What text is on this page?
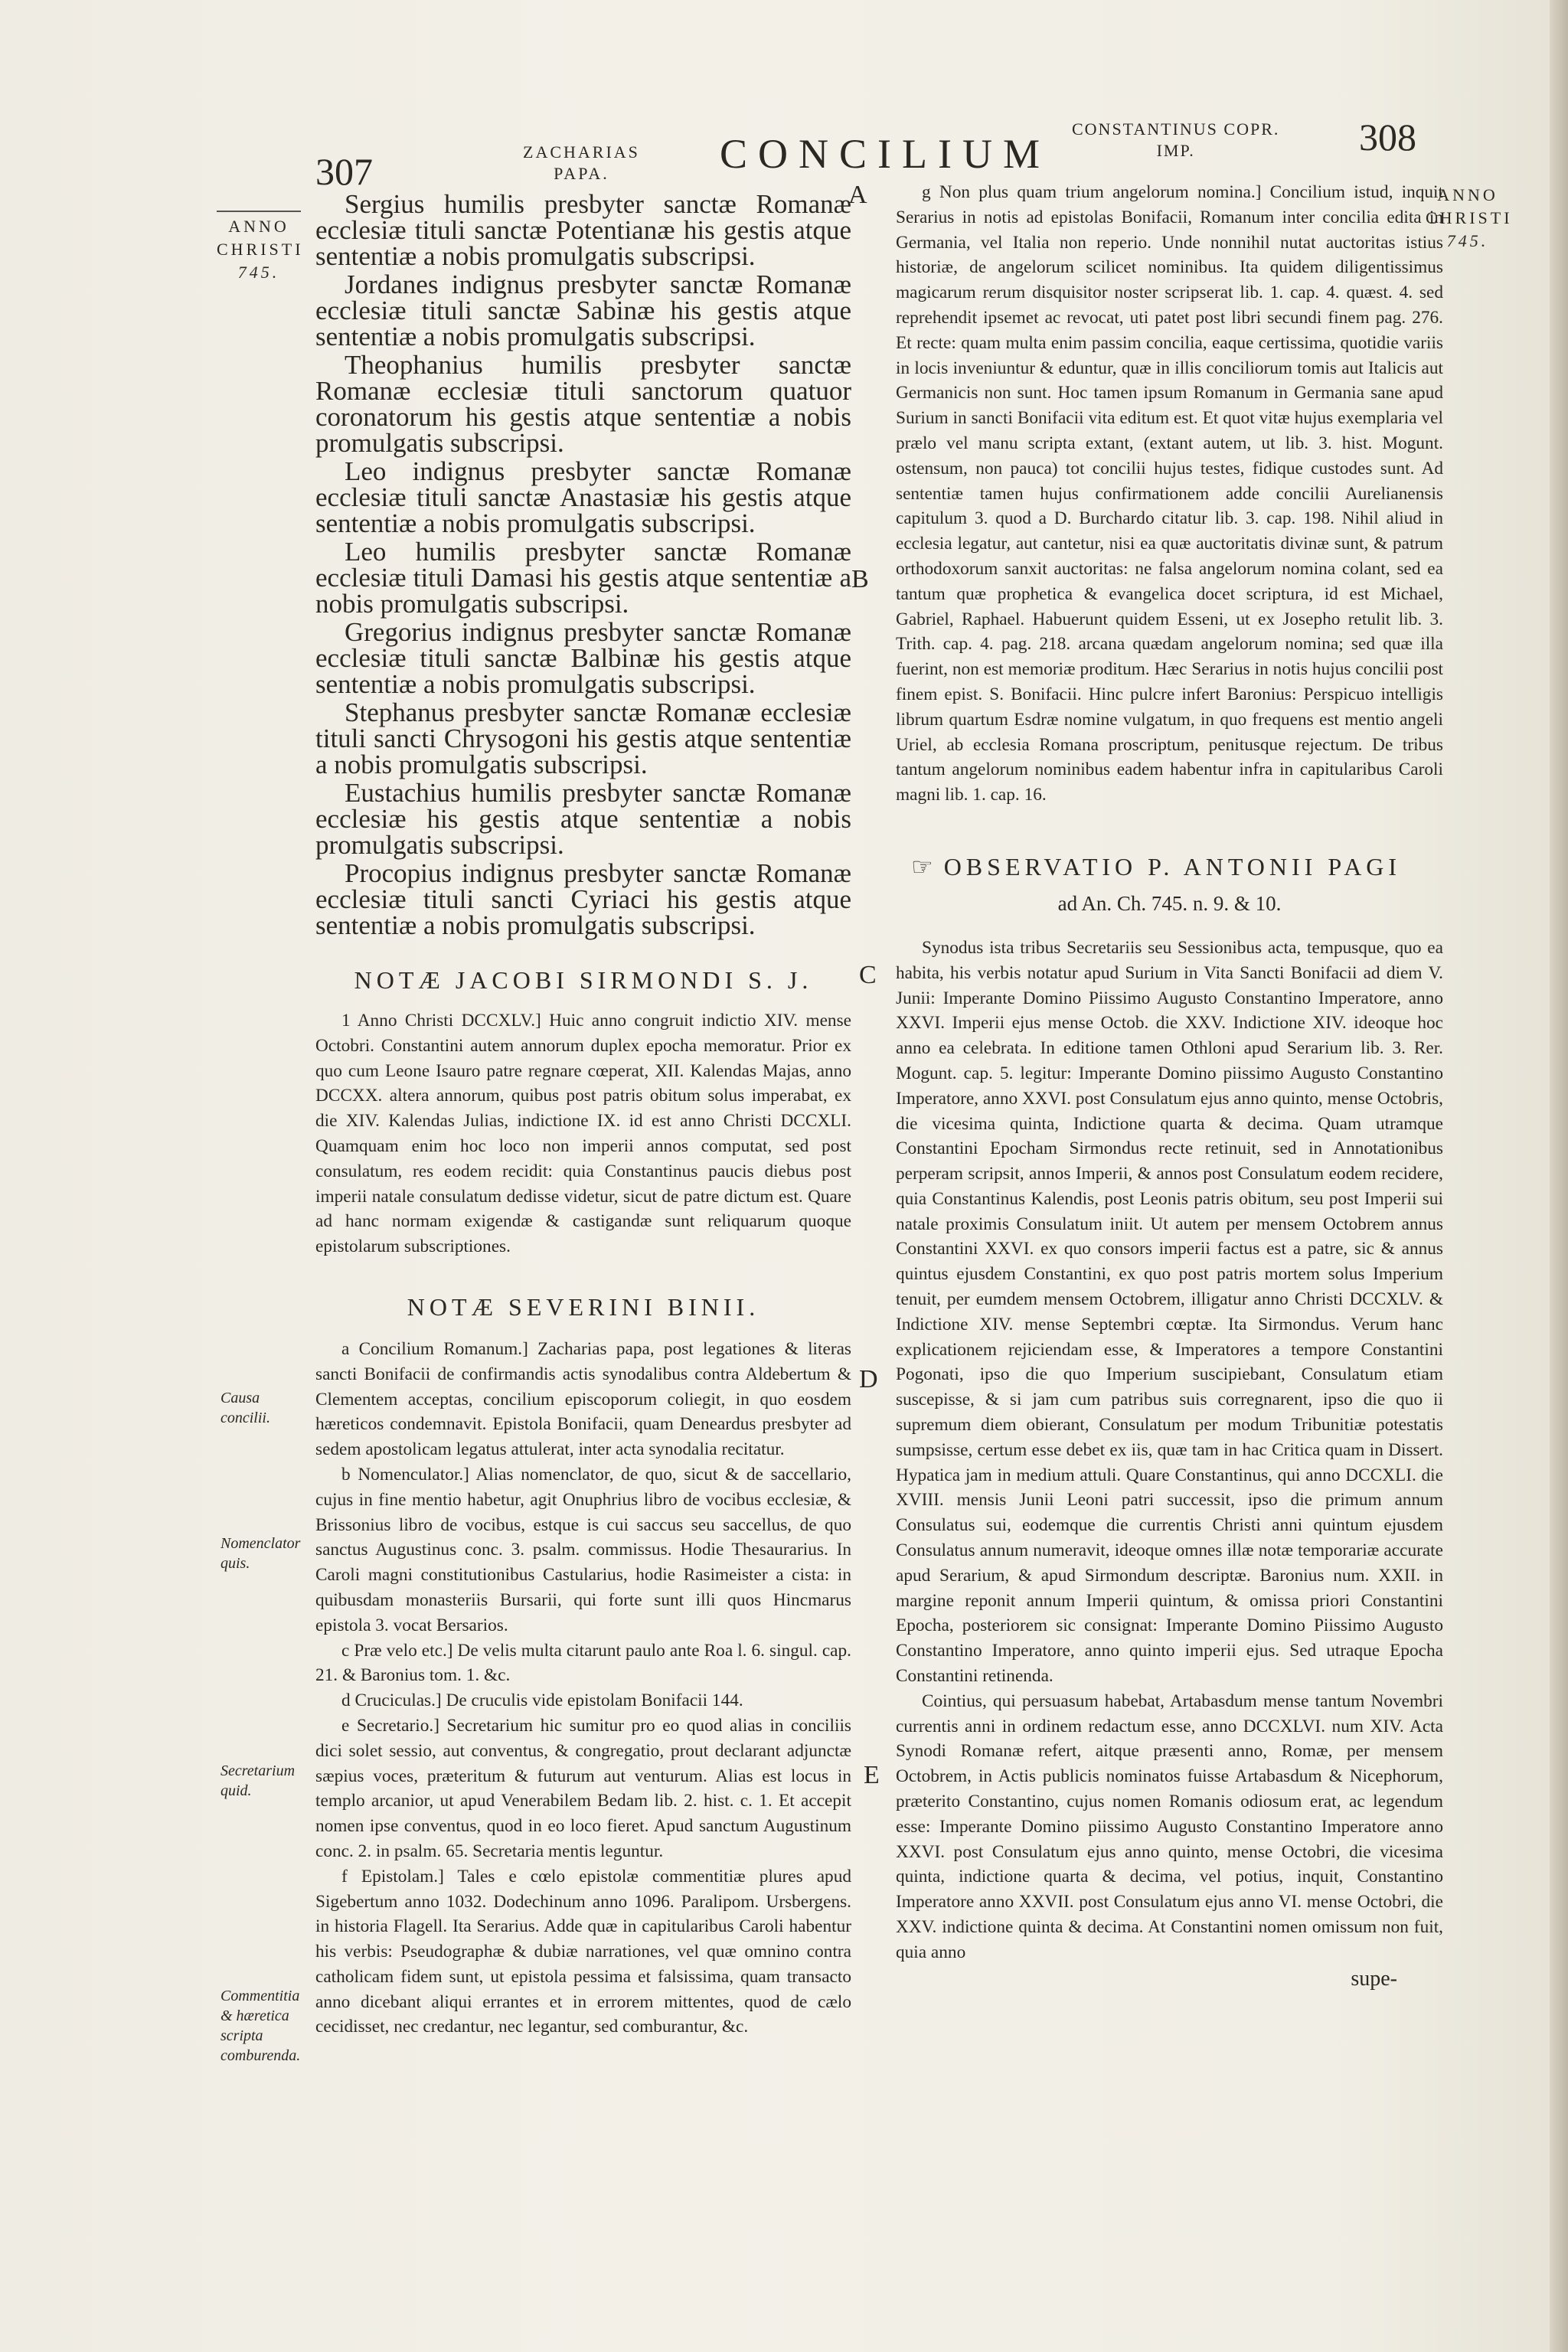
307	ZACHARIAS
PAPA.	CONCILIUM
CONSTANTINUS COPR.
IMP.	308
ANNO
CHRISTI
745.
ANNO
CHRISTI
745.
A
B
C
D
E
Causa concilii.
Nomenclator quis.
Secretarium quid.
Commentitia & hæretica scripta comburenda.

Sergius humilis presbyter sanctæ Romanæ ecclesiæ tituli sanctæ Potentianæ his gestis atque sententiæ a nobis promulgatis subscripsi.

Jordanes indignus presbyter sanctæ Romanæ ecclesiæ tituli sanctæ Sabinæ his gestis atque sententiæ a nobis promulgatis subscripsi.

Theophanius humilis presbyter sanctæ Romanæ ecclesiæ tituli sanctorum quatuor coronatorum his gestis atque sententiæ a nobis promulgatis subscripsi.

Leo indignus presbyter sanctæ Romanæ ecclesiæ tituli sanctæ Anastasiæ his gestis atque sententiæ a nobis promulgatis subscripsi.

Leo humilis presbyter sanctæ Romanæ ecclesiæ tituli Damasi his gestis atque sententiæ a nobis promulgatis subscripsi.

Gregorius indignus presbyter sanctæ Romanæ ecclesiæ tituli sanctæ Balbinæ his gestis atque sententiæ a nobis promulgatis subscripsi.

Stephanus presbyter sanctæ Romanæ ecclesiæ tituli sancti Chrysogoni his gestis atque sententiæ a nobis promulgatis subscripsi.

Eustachius humilis presbyter sanctæ Romanæ ecclesiæ his gestis atque sententiæ a nobis promulgatis subscripsi.

Procopius indignus presbyter sanctæ Romanæ ecclesiæ tituli sancti Cyriaci his gestis atque sententiæ a nobis promulgatis subscripsi.

NOTÆ JACOBI SIRMONDI S. J.

1 Anno Christi DCCXLV.] Huic anno congruit indictio XIV. mense Octobri. Constantini autem annorum duplex epocha memoratur. Prior ex quo cum Leone Isauro patre regnare cœperat, XII. Kalendas Majas, anno DCCXX. altera annorum, quibus post patris obitum solus imperabat, ex die XIV. Kalendas Julias, indictione IX. id est anno Christi DCCXLI. Quamquam enim hoc loco non imperii annos computat, sed post consulatum, res eodem recidit: quia Constantinus paucis diebus post imperii natale consulatum dedisse videtur, sicut de patre dictum est. Quare ad hanc normam exigendæ & castigandæ sunt reliquarum quoque epistolarum subscriptiones.

NOTÆ SEVERINI BINII.

a Concilium Romanum.] Zacharias papa, post legationes & literas sancti Bonifacii de confirmandis actis synodalibus contra Aldebertum & Clementem acceptas, concilium episcoporum coliegit, in quo eosdem hæreticos condemnavit. Epistola Bonifacii, quam Deneardus presbyter ad sedem apostolicam legatus attulerat, inter acta synodalia recitatur.

b Nomenculator.] Alias nomenclator, de quo, sicut & de saccellario, cujus in fine mentio habetur, agit Onuphrius libro de vocibus ecclesiæ, & Brissonius libro de vocibus, estque is cui saccus seu saccellus, de quo sanctus Augustinus conc. 3. psalm. commissus. Hodie Thesaurarius. In Caroli magni constitutionibus Castularius, hodie Rasimeister a cista: in quibusdam monasteriis Bursarii, qui forte sunt illi quos Hincmarus epistola 3. vocat Bersarios.

c Præ velo etc.] De velis multa citarunt paulo ante Roa l. 6. singul. cap. 21. & Baronius tom. 1. &c.

d Cruciculas.] De cruculis vide epistolam Bonifacii 144.

e Secretario.] Secretarium hic sumitur pro eo quod alias in conciliis dici solet sessio, aut conventus, & congregatio, prout declarant adjunctæ sæpius voces, præteritum & futurum aut venturum. Alias est locus in templo arcanior, ut apud Venerabilem Bedam lib. 2. hist. c. 1. Et accepit nomen ipse conventus, quod in eo loco fieret. Apud sanctum Augustinum conc. 2. in psalm. 65. Secretaria mentis leguntur.

f Epistolam.] Tales e cœlo epistolæ commentitiæ plures apud Sigebertum anno 1032. Dodechinum anno 1096. Paralipom. Ursbergens. in historia Flagell. Ita Serarius. Adde quæ in capitularibus Caroli habentur his verbis: Pseudographæ & dubiæ narrationes, vel quæ omnino contra catholicam fidem sunt, ut epistola pessima et falsissima, quam transacto anno dicebant aliqui errantes et in errorem mittentes, quod de cælo cecidisset, nec credantur, nec legantur, sed comburantur, &c.

g Non plus quam trium angelorum nomina.] Concilium istud, inquit Serarius in notis ad epistolas Bonifacii, Romanum inter concilia edita in Germania, vel Italia non reperio. Unde nonnihil nutat auctoritas istius historiæ, de angelorum scilicet nominibus. Ita quidem diligentissimus magicarum rerum disquisitor noster scripserat lib. 1. cap. 4. quæst. 4. sed reprehendit ipsemet ac revocat, uti patet post libri secundi finem pag. 276. Et recte: quam multa enim passim concilia, eaque certissima, quotidie variis in locis inveniuntur & eduntur, quæ in illis conciliorum tomis aut Italicis aut Germanicis non sunt. Hoc tamen ipsum Romanum in Germania sane apud Surium in sancti Bonifacii vita editum est. Et quot vitæ hujus exemplaria vel prælo vel manu scripta extant, (extant autem, ut lib. 3. hist. Mogunt. ostensum, non pauca) tot concilii hujus testes, fidique custodes sunt. Ad sententiæ tamen hujus confirmationem adde concilii Aurelianensis capitulum 3. quod a D. Burchardo citatur lib. 3. cap. 198. Nihil aliud in ecclesia legatur, aut cantetur, nisi ea quæ auctoritatis divinæ sunt, & patrum orthodoxorum sanxit auctoritas: ne falsa angelorum nomina colant, sed ea tantum quæ prophetica & evangelica docet scriptura, id est Michael, Gabriel, Raphael. Habuerunt quidem Esseni, ut ex Josepho retulit lib. 3. Trith. cap. 4. pag. 218. arcana quædam angelorum nomina; sed quæ illa fuerint, non est memoriæ proditum. Hæc Serarius in notis hujus concilii post finem epist. S. Bonifacii. Hinc pulcre infert Baronius: Perspicuo intelligis librum quartum Esdræ nomine vulgatum, in quo frequens est mentio angeli Uriel, ab ecclesia Romana proscriptum, penitusque rejectum. De tribus tantum angelorum nominibus eadem habentur infra in capitularibus Caroli magni lib. 1. cap. 16.

☞ OBSERVATIO P. ANTONII PAGI
ad An. Ch. 745. n. 9. & 10.

Synodus ista tribus Secretariis seu Sessionibus acta, tempusque, quo ea habita, his verbis notatur apud Surium in Vita Sancti Bonifacii ad diem V. Junii: Imperante Domino Piissimo Augusto Constantino Imperatore, anno XXVI. Imperii ejus mense Octob. die XXV. Indictione XIV. ideoque hoc anno ea celebrata. In editione tamen Othloni apud Serarium lib. 3. Rer. Mogunt. cap. 5. legitur: Imperante Domino piissimo Augusto Constantino Imperatore, anno XXVI. post Consulatum ejus anno quinto, mense Octobris, die vicesima quinta, Indictione quarta & decima. Quam utramque Constantini Epocham Sirmondus recte retinuit, sed in Annotationibus perperam scripsit, annos Imperii, & annos post Consulatum eodem recidere, quia Constantinus Kalendis, post Leonis patris obitum, seu post Imperii sui natale proximis Consulatum iniit. Ut autem per mensem Octobrem annus Constantini XXVI. ex quo consors imperii factus est a patre, sic & annus quintus ejusdem Constantini, ex quo post patris mortem solus Imperium tenuit, per eumdem mensem Octobrem, illigatur anno Christi DCCXLV. & Indictione XIV. mense Septembri cœptæ. Ita Sirmondus. Verum hanc explicationem rejiciendam esse, & Imperatores a tempore Constantini Pogonati, ipso die quo Imperium suscipiebant, Consulatum etiam suscepisse, & si jam cum patribus suis corregnarent, ipso die quo ii supremum diem obierant, Consulatum per modum Tribunitiæ potestatis sumpsisse, certum esse debet ex iis, quæ tam in hac Critica quam in Dissert. Hypatica jam in medium attuli. Quare Constantinus, qui anno DCCXLI. die XVIII. mensis Junii Leoni patri successit, ipso die primum annum Consulatus sui, eodemque die currentis Christi anni quintum ejusdem Consulatus annum numeravit, ideoque omnes illæ notæ temporariæ accurate apud Serarium, & apud Sirmondum descriptæ. Baronius num. XXII. in margine reponit annum Imperii quintum, & omissa priori Constantini Epocha, posteriorem sic consignat: Imperante Domino Piissimo Augusto Constantino Imperatore, anno quinto imperii ejus. Sed utraque Epocha Constantini retinenda.

Cointius, qui persuasum habebat, Artabasdum mense tantum Novembri currentis anni in ordinem redactum esse, anno DCCXLVI. num XIV. Acta Synodi Romanæ refert, aitque præsenti anno, Romæ, per mensem Octobrem, in Actis publicis nominatos fuisse Artabasdum & Nicephorum, præterito Constantino, cujus nomen Romanis odiosum erat, ac legendum esse: Imperante Domino piissimo Augusto Constantino Imperatore anno XXVI. post Consulatum ejus anno quinto, mense Octobri, die vicesima quinta, indictione quarta & decima, vel potius, inquit, Constantino Imperatore anno XXVII. post Consulatum ejus anno VI. mense Octobri, die XXV. indictione quinta & decima. At Constantini nomen omissum non fuit, quia anno

supe-
